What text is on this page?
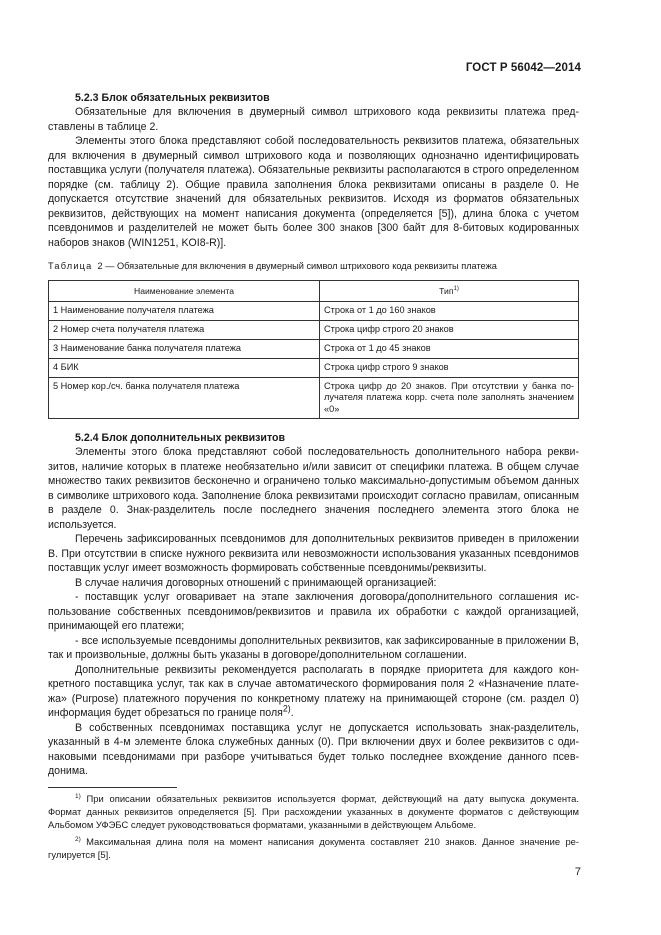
ГОСТ Р 56042—2014
5.2.3 Блок обязательных реквизитов

Обязательные для включения в двумерный символ штрихового кода реквизиты платежа представлены в таблице 2.

Элементы этого блока представляют собой последовательность реквизитов платежа, обязательных для включения в двумерный символ штрихового кода и позволяющих однозначно идентифицировать поставщика услуги (получателя платежа). Обязательные реквизиты располагаются в строго определенном порядке (см. таблицу 2). Общие правила заполнения блока реквизитами описаны в разделе 0. Не допускается отсутствие значений для обязательных реквизитов. Исходя из форматов обязательных реквизитов, действующих на момент написания документа (определяется [5]), длина блока с учетом псевдонимов и разделителей не может быть более 300 знаков [300 байт для 8-битовых кодированных наборов знаков (WIN1251, KOI8-R)].

Таблица 2 — Обязательные для включения в двумерный символ штрихового кода реквизиты платежа

Наименование элемента	Тип$^{1)}$
1 Наименование получателя платежа	Строка от 1 до 160 знаков
2 Номер счета получателя платежа	Строка цифр строго 20 знаков
3 Наименование банка получателя платежа	Строка от 1 до 45 знаков
4 БИК	Строка цифр строго 9 знаков
5 Номер кор./сч. банка получателя платежа	Строка цифр до 20 знаков. При отсутствии у банка получателя платежа корр. счета поле заполнять значением «0»
5.2.4 Блок дополнительных реквизитов

Элементы этого блока представляют собой последовательность дополнительного набора реквизитов, наличие которых в платеже необязательно и/или зависит от специфики платежа. В общем случае множество таких реквизитов бесконечно и ограничено только максимально-допустимым объемом данных в символике штрихового кода. Заполнение блока реквизитами происходит согласно правилам, описанным в разделе 0. Знак-разделитель после последнего значения последнего элемента этого блока не используется.

Перечень зафиксированных псевдонимов для дополнительных реквизитов приведен в приложении В. При отсутствии в списке нужного реквизита или невозможности использования указанных псевдонимов поставщик услуг имеет возможность формировать собственные псевдонимы/реквизиты.

В случае наличия договорных отношений с принимающей организацией:

- поставщик услуг оговаривает на этапе заключения договора/дополнительного соглашения использование собственных псевдонимов/реквизитов и правила их обработки с каждой организацией, принимающей его платежи;

- все используемые псевдонимы дополнительных реквизитов, как зафиксированные в приложении В, так и произвольные, должны быть указаны в договоре/дополнительном соглашении.

Дополнительные реквизиты рекомендуется располагать в порядке приоритета для каждого конкретного поставщика услуг, так как в случае автоматического формирования поля 2 «Назначение платежа» (Purpose) платежного поручения по конкретному платежу на принимающей стороне (см. раздел 0) информация будет обрезаться по границе поля$^{2)}$.

В собственных псевдонимах поставщика услуг не допускается использовать знак-разделитель, указанный в 4-м элементе блока служебных данных (0). При включении двух и более реквизитов с одинаковыми псевдонимами при разборе учитываться будет только последнее вхождение данного псевдонима.

$^{1)}$ При описании обязательных реквизитов используется формат, действующий на дату выпуска документа. Формат данных реквизитов определяется [5]. При расхождении указанных в документе форматов с действующим Альбомом УФЭБС следует руководствоваться форматами, указанными в действующем Альбоме.

$^{2)}$ Максимальная длина поля на момент написания документа составляет 210 знаков. Данное значение регулируется [5].

7
